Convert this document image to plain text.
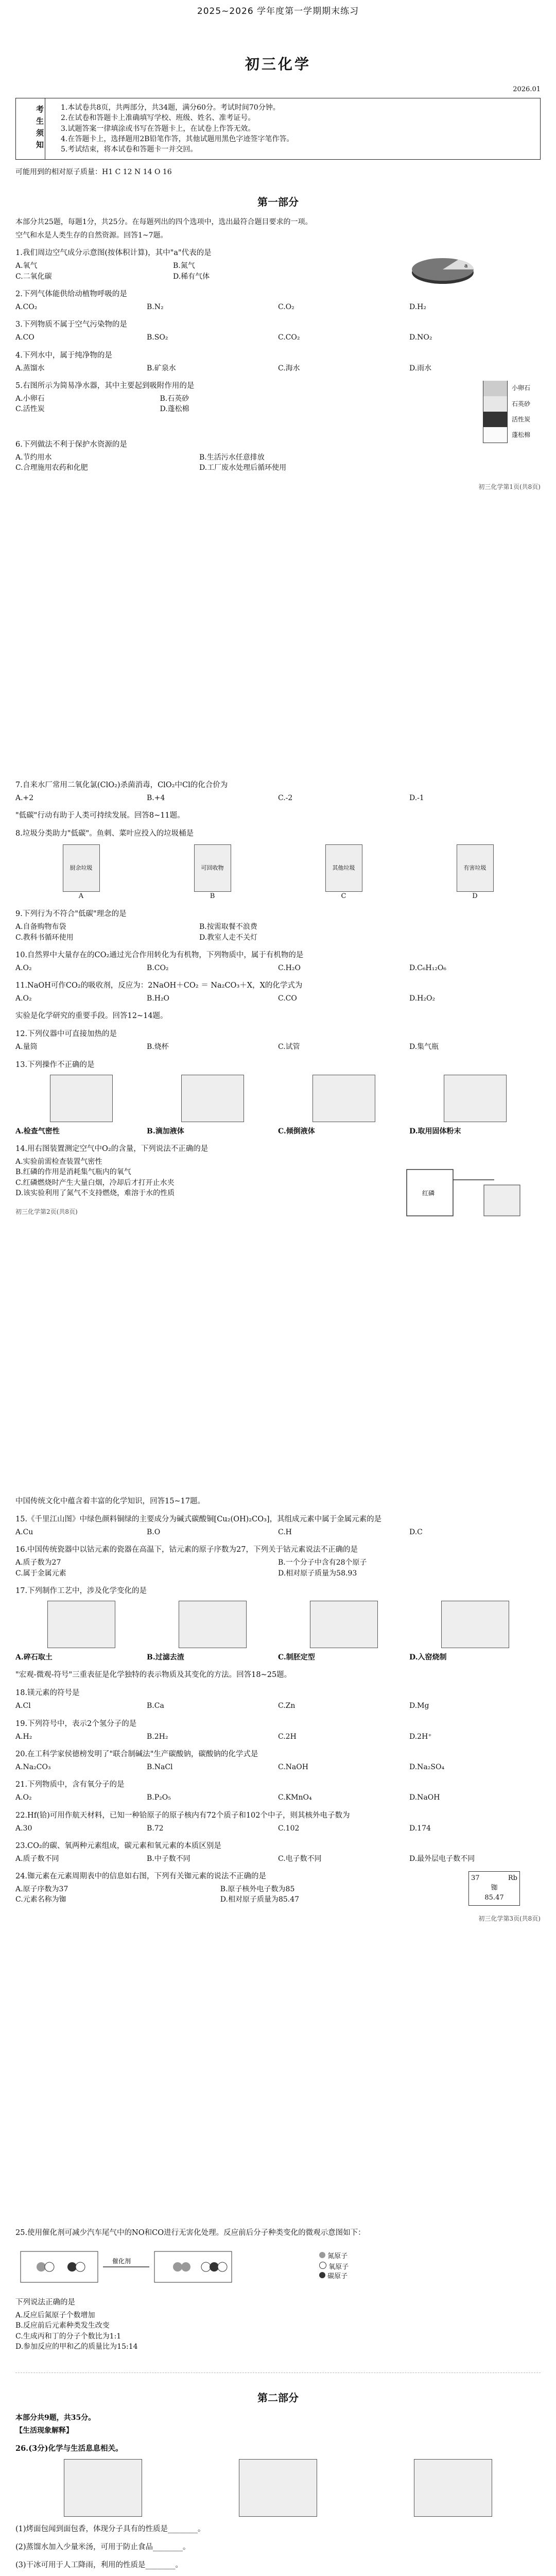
2025~2026 学年度第一学期期末练习
初三化学
2026.01
考生须知 1.本试卷共8页，共两部分，共34题，满分60分。考试时间70分钟。
2.在试卷和答题卡上准确填写学校、班级、姓名、准考证号。
3.试题答案一律填涂或书写在答题卡上，在试卷上作答无效。
4.在答题卡上，选择题用2B铅笔作答，其他试题用黑色字迹签字笔作答。
5.考试结束，将本试卷和答题卡一并交回。
可能用到的相对原子质量：H1 C 12 N 14 O 16
第一部分
本部分共25题，每题1分，共25分。在每题列出的四个选项中，选出最符合题目要求的一项。
空气和水是人类生存的自然资源。回答1~7题。
1.我们周边空气成分示意图(按体积计算)，其中"a"代表的是
A.氧气	B.氮气
C.二氧化碳	D.稀有气体
a
2.下列气体能供给动植物呼吸的是
A.CO₂	B.N₂	C.O₂	D.H₂
3.下列物质不属于空气污染物的是
A.CO	B.SO₂	C.CO₂	D.NO₂
4.下列水中，属于纯净物的是
A.蒸馏水	B.矿泉水	C.海水	D.雨水
5.右图所示为简易净水器，其中主要起到吸附作用的是
A.小卵石	B.石英砂
C.活性炭	D.蓬松棉
小卵石
石英砂
活性炭
蓬松棉
6.下列做法不利于保护水资源的是
A.节约用水	B.生活污水任意排放
C.合理施用农药和化肥	D.工厂废水处理后循环使用
初三化学第1页(共8页)
7.自来水厂常用二氧化氯(ClO₂)杀菌消毒，ClO₂中Cl的化合价为
A.+2	B.+4	C.-2	D.-1
"低碳"行动有助于人类可持续发展。回答8~11题。
8.垃圾分类助力"低碳"。鱼刺、菜叶应投入的垃圾桶是
厨余垃圾
A
可回收物
B
其他垃圾
C
有害垃圾
D
9.下列行为不符合"低碳"理念的是
A.自备购物布袋	B.按需取餐不浪费
C.教科书循环使用	D.教室人走不关灯
10.自然界中大量存在的CO₂通过光合作用转化为有机物，下列物质中，属于有机物的是
A.O₂	B.CO₂	C.H₂O	D.C₆H₁₂O₆
11.NaOH可作CO₂的吸收剂，反应为：2NaOH＋CO₂ ＝ Na₂CO₃＋X，X的化学式为
A.O₂	B.H₂O	C.CO	D.H₂O₂
实验是化学研究的重要手段。回答12~14题。
12.下列仪器中可直接加热的是
A.量筒	B.烧杯	C.试管	D.集气瓶
13.下列操作不正确的是
A.检查气密性	B.滴加液体	C.倾倒液体	D.取用固体粉末
14.用右图装置测定空气中O₂的含量，下列说法不正确的是
A.实验前需检查装置气密性
B.红磷的作用是消耗集气瓶内的氧气
C.红磷燃烧时产生大量白烟，冷却后才打开止水夹
D.该实验利用了氮气不支持燃烧，难溶于水的性质	红磷
初三化学第2页(共8页)
中国传统文化中蕴含着丰富的化学知识，回答15~17题。
15.《千里江山图》中绿色颜料铜绿的主要成分为碱式碳酸铜[Cu₂(OH)₂CO₃]，其组成元素中属于金属元素的是
A.Cu	B.O	C.H	D.C
16.中国传统瓷器中以钴元素的瓷器在高温下，钴元素的原子序数为27，下列关于钴元素说法不正确的是
A.质子数为27	B.一个分子中含有28个原子
C.属于金属元素	D.相对原子质量为58.93
17.下列制作工艺中，涉及化学变化的是
A.碎石取土	B.过滤去渣	C.制胚定型	D.入窑烧制
"宏观-微观-符号"三重表征是化学独特的表示物质及其变化的方法。回答18~25题。
18.镁元素的符号是
A.Cl	B.Ca	C.Zn	D.Mg
19.下列符号中，表示2个氢分子的是
A.H₂	B.2H₂	C.2H	D.2H⁺
20.在工科学家侯德榜发明了"联合制碱法"生产碳酸钠，碳酸钠的化学式是
A.Na₂CO₃	B.NaCl	C.NaOH	D.Na₂SO₄
21.下列物质中，含有氧分子的是
A.O₂	B.P₂O₅	C.KMnO₄	D.NaOH
22.Hf(铪)可用作航天材料，已知一种铪原子的原子核内有72个质子和102个中子，则其核外电子数为
A.30	B.72	C.102	D.174
23.CO₂的碳、氧两种元素组成，碳元素和氧元素的本质区别是
A.质子数不同	B.中子数不同	C.电子数不同	D.最外层电子数不同
24.铷元素在元素周期表中的信息如右图，下列有关铷元素的说法不正确的是
A.原子序数为37	B.原子核外电子数为85
C.元素名称为铷	D.相对原子质量为85.47
37	Rb
铷
85.47
初三化学第3页(共8页)
25.使用催化剂可减少汽车尾气中的NO和CO进行无害化处理。反应前后分子种类变化的微观示意图如下：
催化剂
氮原子
氧原子
碳原子
下列说法正确的是
A.反应后氮原子个数增加
B.反应前后元素种类发生改变
C.生成丙和丁的分子个数比为1:1
D.参加反应的甲和乙的质量比为15:14
第二部分
本部分共9题，共35分。
【生活现象解释】
26.(3分)化学与生活息息相关。
(1)烤面包闻到面包香，体现分子具有的性质是________。
(2)蒸馏水加入少量米汤，可用于防止食品________。
(3)干冰可用于人工降雨，利用的性质是________。
